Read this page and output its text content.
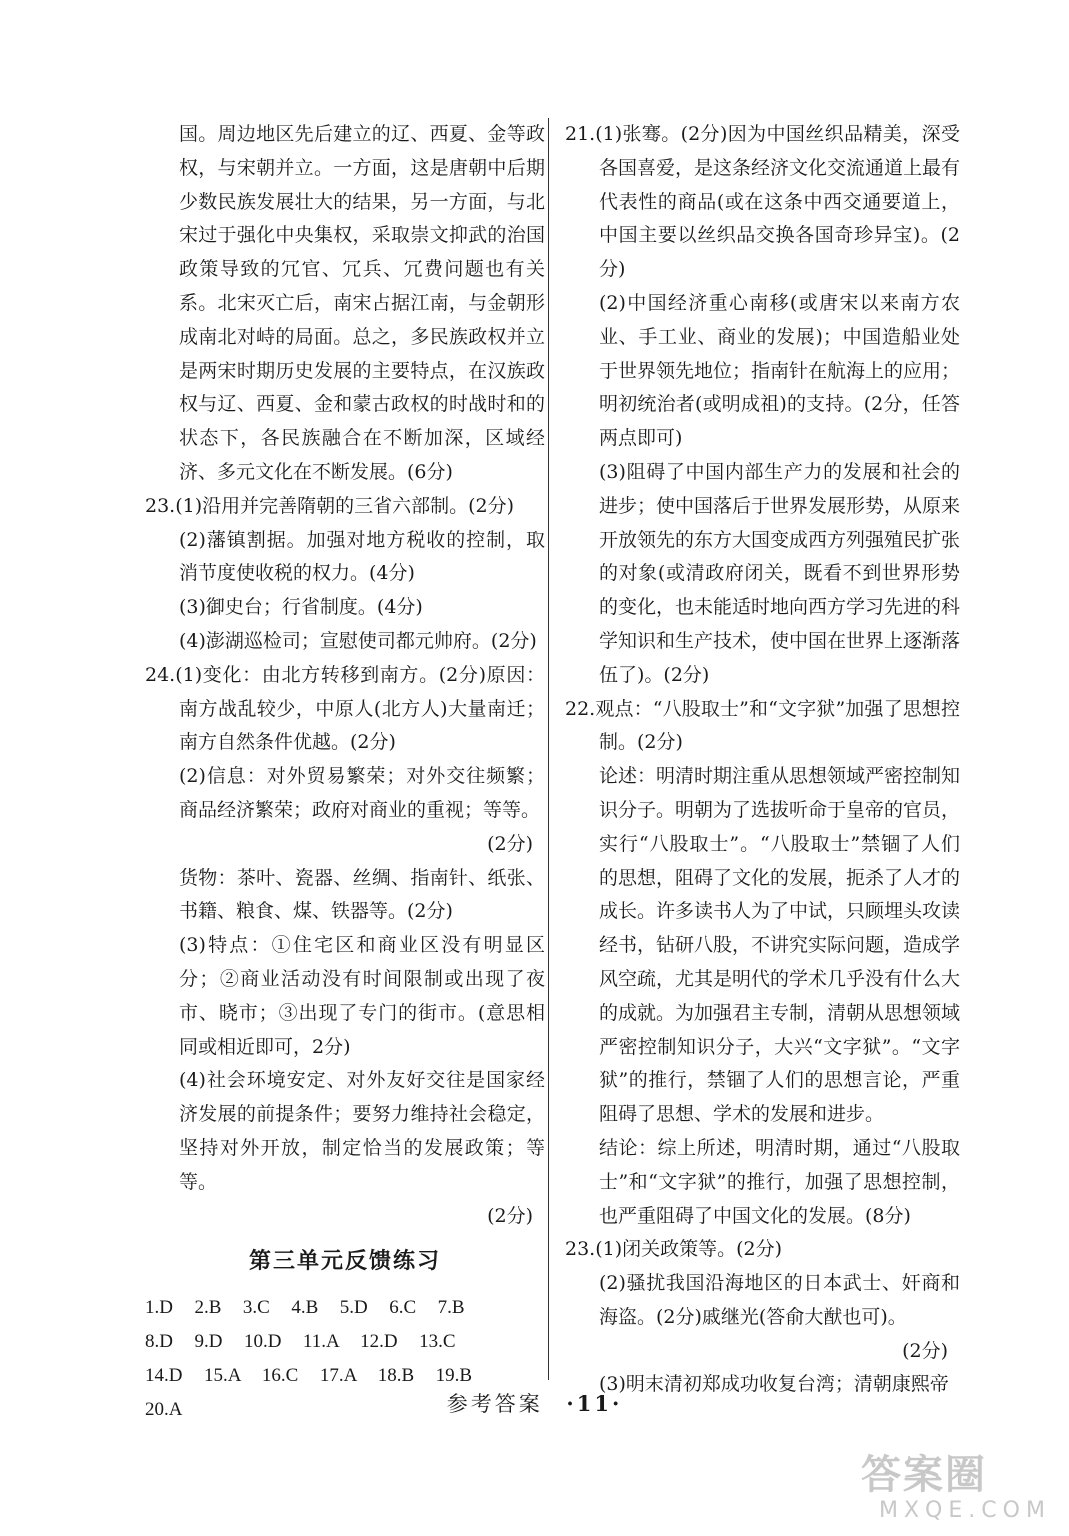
国。周边地区先后建立的辽、西夏、金等政权，与宋朝并立。一方面，这是唐朝中后期少数民族发展壮大的结果，另一方面，与北宋过于强化中央集权，采取崇文抑武的治国政策导致的冗官、冗兵、冗费问题也有关系。北宋灭亡后，南宋占据江南，与金朝形成南北对峙的局面。总之，多民族政权并立是两宋时期历史发展的主要特点，在汉族政权与辽、西夏、金和蒙古政权的时战时和的状态下，各民族融合在不断加深，区域经济、多元文化在不断发展。(6分)
23.(1)沿用并完善隋朝的三省六部制。(2分)
(2)藩镇割据。加强对地方税收的控制，取消节度使收税的权力。(4分)
(3)御史台；行省制度。(4分)
(4)澎湖巡检司；宣慰使司都元帅府。(2分)
24.(1)变化：由北方转移到南方。(2分)原因：南方战乱较少，中原人(北方人)大量南迁；南方自然条件优越。(2分)
(2)信息：对外贸易繁荣；对外交往频繁；商品经济繁荣；政府对商业的重视；等等。
(2分)
货物：茶叶、瓷器、丝绸、指南针、纸张、书籍、粮食、煤、铁器等。(2分)
(3)特点：①住宅区和商业区没有明显区分；②商业活动没有时间限制或出现了夜市、晓市；③出现了专门的街市。(意思相同或相近即可，2分)
(4)社会环境安定、对外友好交往是国家经济发展的前提条件；要努力维持社会稳定，坚持对外开放，制定恰当的发展政策；等等。
(2分)
第三单元反馈练习
1.D  2.B  3.C  4.B  5.D  6.C  7.B
8.D  9.D  10.D  11.A  12.D  13.C
14.D  15.A  16.C  17.A  18.B  19.B
20.A
21.(1)张骞。(2分)因为中国丝织品精美，深受各国喜爱，是这条经济文化交流通道上最有代表性的商品(或在这条中西交通要道上，中国主要以丝织品交换各国奇珍异宝)。(2分)
(2)中国经济重心南移(或唐宋以来南方农业、手工业、商业的发展)；中国造船业处于世界领先地位；指南针在航海上的应用；明初统治者(或明成祖)的支持。(2分，任答两点即可)
(3)阻碍了中国内部生产力的发展和社会的进步；使中国落后于世界发展形势，从原来开放领先的东方大国变成西方列强殖民扩张的对象(或清政府闭关，既看不到世界形势的变化，也未能适时地向西方学习先进的科学知识和生产技术，使中国在世界上逐渐落伍了)。(2分)
22.观点：“八股取士”和“文字狱”加强了思想控制。(2分)
论述：明清时期注重从思想领域严密控制知识分子。明朝为了选拔听命于皇帝的官员，实行“八股取士”。“八股取士”禁锢了人们的思想，阻碍了文化的发展，扼杀了人才的成长。许多读书人为了中试，只顾埋头攻读经书，钻研八股，不讲究实际问题，造成学风空疏，尤其是明代的学术几乎没有什么大的成就。为加强君主专制，清朝从思想领域严密控制知识分子，大兴“文字狱”。“文字狱”的推行，禁锢了人们的思想言论，严重阻碍了思想、学术的发展和进步。
结论：综上所述，明清时期，通过“八股取士”和“文字狱”的推行，加强了思想控制，也严重阻碍了中国文化的发展。(8分)
23.(1)闭关政策等。(2分)
(2)骚扰我国沿海地区的日本武士、奸商和海盗。(2分)戚继光(答俞大猷也可)。
(2分)
(3)明末清初郑成功收复台湾；清朝康熙帝
参考答案 ·11·
答案圈
MXQE.COM
